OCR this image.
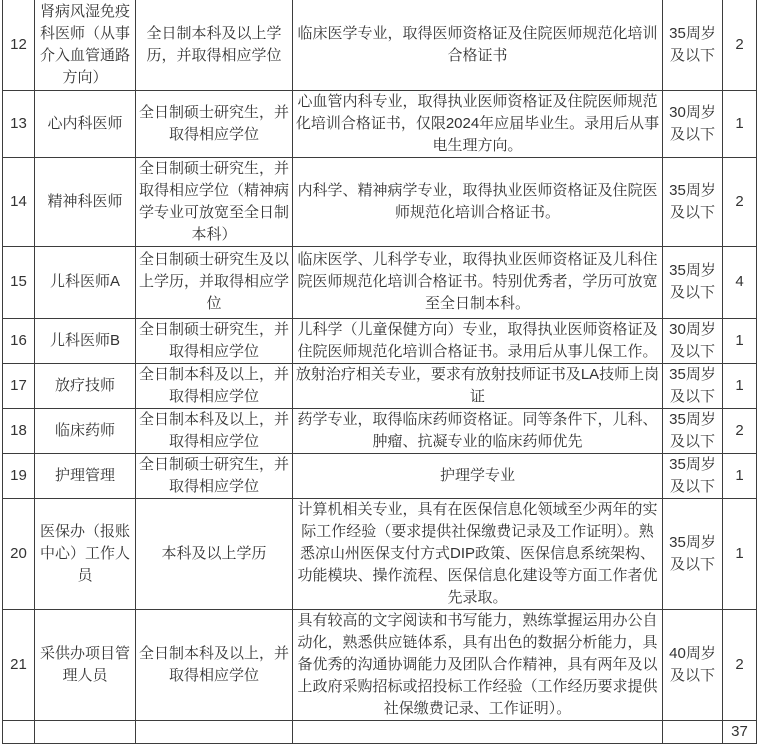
12	肾病风湿免疫科医师（从事介入血管通路方向）	全日制本科及以上学历，并取得相应学位	临床医学专业，取得医师资格证及住院医师规范化培训合格证书	35周岁及以下	2
13	心内科医师	全日制硕士研究生，并取得相应学位	心血管内科专业，取得执业医师资格证及住院医师规范化培训合格证书，仅限2024年应届毕业生。录用后从事电生理方向。	30周岁及以下	1
14	精神科医师	全日制硕士研究生，并取得相应学位（精神病学专业可放宽至全日制本科）	内科学、精神病学专业，取得执业医师资格证及住院医师规范化培训合格证书。	35周岁及以下	2
15	儿科医师A	全日制硕士研究生及以上学历，并取得相应学位	临床医学、儿科学专业，取得执业医师资格证及儿科住院医师规范化培训合格证书。特别优秀者，学历可放宽至全日制本科。	35周岁及以下	4
16	儿科医师B	全日制硕士研究生，并取得相应学位	儿科学（儿童保健方向）专业，取得执业医师资格证及住院医师规范化培训合格证书。录用后从事儿保工作。	30周岁及以下	1
17	放疗技师	全日制本科及以上，并取得相应学位	放射治疗相关专业，要求有放射技师证书及LA技师上岗证	35周岁及以下	1
18	临床药师	全日制本科及以上，并取得相应学位	药学专业，取得临床药师资格证。同等条件下，儿科、肿瘤、抗凝专业的临床药师优先	35周岁及以下	2
19	护理管理	全日制硕士研究生，并取得相应学位	护理学专业	35周岁及以下	1
20	医保办（报账中心）工作人员	本科及以上学历	计算机相关专业，具有在医保信息化领域至少两年的实际工作经验（要求提供社保缴费记录及工作证明）。熟悉凉山州医保支付方式DIP政策、医保信息系统架构、功能模块、操作流程、医保信息化建设等方面工作者优先录取。	35周岁及以下	1
21	采供办项目管理人员	全日制本科及以上，并取得相应学位	具有较高的文字阅读和书写能力，熟练掌握运用办公自动化，熟悉供应链体系，具有出色的数据分析能力，具备优秀的沟通协调能力及团队合作精神，具有两年及以上政府采购招标或招投标工作经验（工作经历要求提供社保缴费记录、工作证明）。	40周岁及以下	2
					37
